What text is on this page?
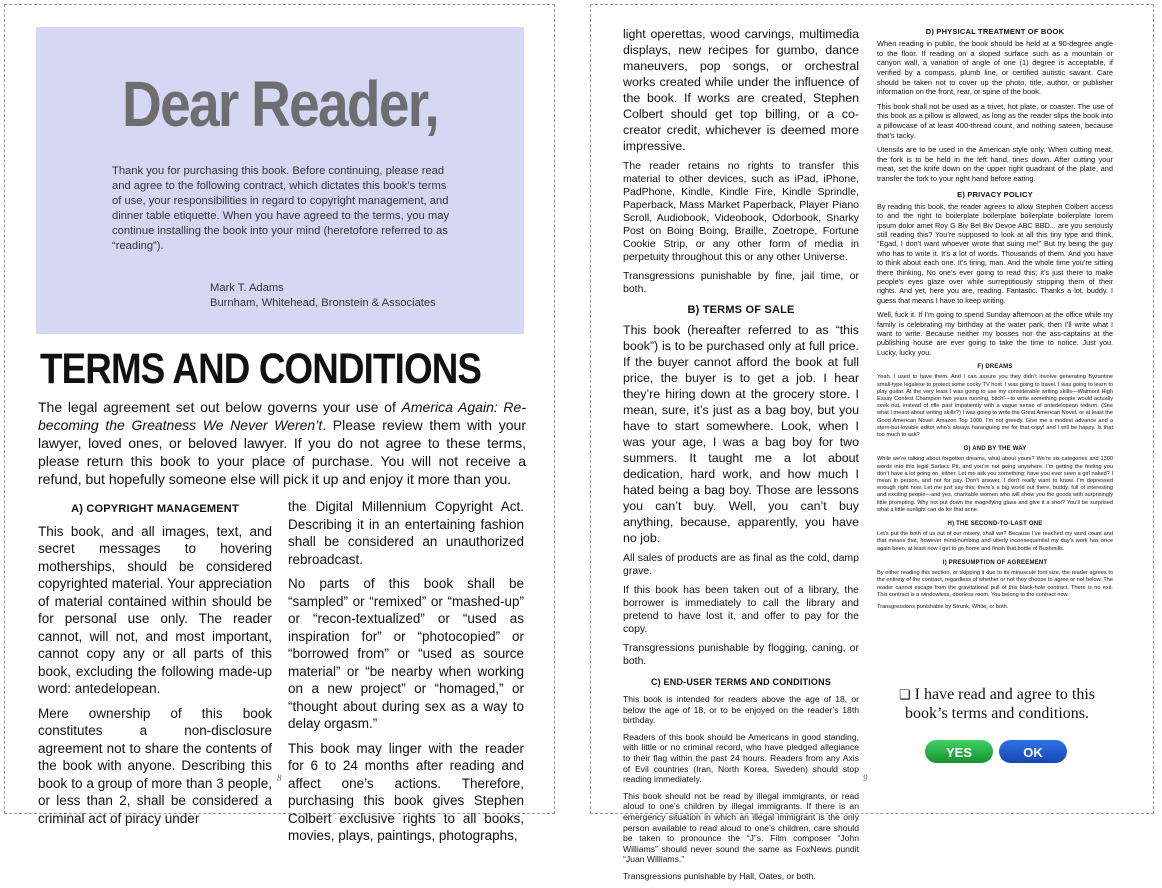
Dear Reader,
Thank you for purchasing this book. Before continuing, please read and agree to the following contract, which dictates this book’s terms of use, your responsibilities in regard to copyright management, and dinner table etiquette. When you have agreed to the terms, you may continue installing the book into your mind (heretofore referred to as “reading”).
Mark T. Adams
Burnham, Whitehead, Bronstein & Associates
TERMS AND CONDITIONS
The legal agreement set out below governs your use of America Again: Re-becoming the Greatness We Never Weren’t. Please review them with your lawyer, loved ones, or beloved lawyer. If you do not agree to these terms, please return this book to your place of purchase. You will not receive a refund, but hopefully someone else will pick it up and enjoy it more than you.
A) COPYRIGHT MANAGEMENT

This book, and all images, text, and secret messages to hovering motherships, should be considered copyrighted material. Your appreciation of material contained within should be for personal use only. The reader cannot, will not, and most important, cannot copy any or all parts of this book, excluding the following made-up word: antedelopean.

Mere ownership of this book constitutes a non-disclosure agreement not to share the contents of the book with anyone. Describing this book to a group of more than 3 people, or less than 2, shall be considered a criminal act of piracy under

the Digital Millennium Copyright Act. Describing it in an entertaining fashion shall be considered an unauthorized rebroadcast.

No parts of this book shall be “sampled” or “remixed” or “mashed-up” or “recon-textualized” or “used as inspiration for” or “photocopied” or “borrowed from” or “used as source material” or “be nearby when working on a new project” or “homaged,” or “thought about during sex as a way to delay orgasm.”

This book may linger with the reader for 6 to 24 months after reading and affect one’s actions. Therefore, purchasing this book gives Stephen Colbert exclusive rights to all books, movies, plays, paintings, photographs,

8

light operettas, wood carvings, multimedia displays, new recipes for gumbo, dance maneuvers, pop songs, or orchestral works created while under the influence of the book. If works are created, Stephen Colbert should get top billing, or a co-creator credit, whichever is deemed more impressive.

The reader retains no rights to transfer this material to other devices, such as iPad, iPhone, PadPhone, Kindle, Kindle Fire, Kindle Sprindle, Paperback, Mass Market Paperback, Player Piano Scroll, Audiobook, Videobook, Odorbook, Snarky Post on Boing Boing, Braille, Zoetrope, Fortune Cookie Strip, or any other form of media in perpetuity throughout this or any other Universe.

Transgressions punishable by fine, jail time, or both.

B) TERMS OF SALE

This book (hereafter referred to as “this book”) is to be purchased only at full price. If the buyer cannot afford the book at full price, the buyer is to get a job. I hear they’re hiring down at the grocery store. I mean, sure, it’s just as a bag boy, but you have to start somewhere. Look, when I was your age, I was a bag boy for two summers. It taught me a lot about dedication, hard work, and how much I hated being a bag boy. Those are lessons you can’t buy. Well, you can’t buy anything, because, apparently, you have no job.

All sales of products are as final as the cold, damp grave.

If this book has been taken out of a library, the borrower is immediately to call the library and pretend to have lost it, and offer to pay for the copy.

Transgressions punishable by flogging, caning, or both.

C) END-USER TERMS AND CONDITIONS

This book is intended for readers above the age of 18, or below the age of 18, or to be enjoyed on the reader’s 18th birthday.

Readers of this book should be Americans in good standing, with little or no criminal record, who have pledged allegiance to their flag within the past 24 hours. Readers from any Axis of Evil countries (Iran, North Korea, Sweden) should stop reading immediately.

This book should not be read by illegal immigrants, or read aloud to one’s children by illegal immigrants. If there is an emergency situation in which an illegal immigrant is the only person available to read aloud to one’s children, care should be taken to pronounce the “J”s. Film composer “John Williams” should never sound the same as FoxNews pundit “Juan Williams.”

Transgressions punishable by Hall, Oates, or both.

D) PHYSICAL TREATMENT OF BOOK

When reading in public, the book should be held at a 90-degree angle to the floor. If reading on a sloped surface such as a mountain or canyon wall, a variation of angle of one (1) degree is acceptable, if verified by a compass, plumb line, or certified autistic savant. Care should be taken not to cover up the photo, title, author, or publisher information on the front, rear, or spine of the book.

This book shall not be used as a trivet, hot plate, or coaster. The use of this book as a pillow is allowed, as long as the reader slips the book into a pillowcase of at least 400-thread count, and nothing sateen, because that’s tacky.

Utensils are to be used in the American style only. When cutting meat, the fork is to be held in the left hand, tines down. After cutting your meat, set the knife down on the upper right quadrant of the plate, and transfer the fork to your right hand before eating.

E) PRIVACY POLICY

By reading this book, the reader agrees to allow Stephen Colbert access to and the right to boilerplate boilerplate boilerplate boilerplate lorem ipsum dolor amet Roy G Biv Bel Biv Devoe ABC BBD... are you seriously still reading this? You’re supposed to look at all this tiny type and think, “Egad, I don’t want whoever wrote that suing me!” But try being the guy who has to write it. It’s a lot of words. Thousands of them. And you have to think about each one. It’s tiring, man. And the whole time you’re sitting there thinking, No one’s ever going to read this; it’s just there to make people’s eyes glaze over while surreptitiously stripping them of their rights. And yet, here you are, reading. Fantastic. Thanks a lot, buddy. I guess that means I have to keep writing.

Well, fuck it. If I’m going to spend Sunday afternoon at the office while my family is celebrating my birthday at the water park, then I’ll write what I want to write. Because neither my bosses nor the ass-captains at the publishing house are ever going to take the time to notice. Just you. Lucky, lucky you.

F) DREAMS

Yeah. I used to have them. And I can assure you they didn’t involve generating Byzantine small-type legalese to protect some cocky TV host. I was going to travel. I was going to learn to play guitar. At the very least I was going to use my considerable writing skills—Walmont High Essay Contest Champion two years running, bitch!—to write something people would actually seek out, instead of rifle past impatiently with a vague sense of antedelopean tedium. (See what I meant about writing skills?) I was going to write the Great American Novel, or at least the Good American Novel. Amazon Top 1000. I’m not greedy. Give me a modest advance and a stern-but-lovable editor who’s always haranguing me for that copy! and I will be happy. Is that too much to ask?

G) AND BY THE WAY

While we’re talking about forgotten dreams, what about yours? We’re six categories and 1300 words into this legal Sarlacc Pit, and you’re not going anywhere. I’m getting the feeling you don’t have a lot going on, either. Let me ask you something: have you ever seen a girl naked? I mean in person, and not for pay. Don’t answer, I don’t really want to know. I’m depressed enough right now. Let me just say this: there’s a big world out there, buddy, full of interesting and exciting people—and yes, charitable women who will show you the goods with surprisingly little prompting. Why not put down the magnifying glass and give it a shot? You’ll be surprised what a little sunlight can do for that acne.

H) THE SECOND-TO-LAST ONE

Let’s put the both of us out of our misery, shall we? Because I’ve reached my word count and that means that, however mind-numbing and utterly inconsequential my day’s work has once again been, at least now I get to go home and finish that bottle of Bushmills.

I) PRESUMPTION OF AGREEMENT

By either reading this section, or skipping it due to its minuscule font size, the reader agrees to the entirety of the contract, regardless of whether or not they choose to agree or not below. The reader cannot escape from the gravitational pull of this black-hole contract. There is no exit. This contract is a windowless, doorless room. You belong to the contract now.

Transgressions punishable by Strunk, White, or both.

❏ I have read and agree to this book’s terms and conditions.
YES	OK
9
